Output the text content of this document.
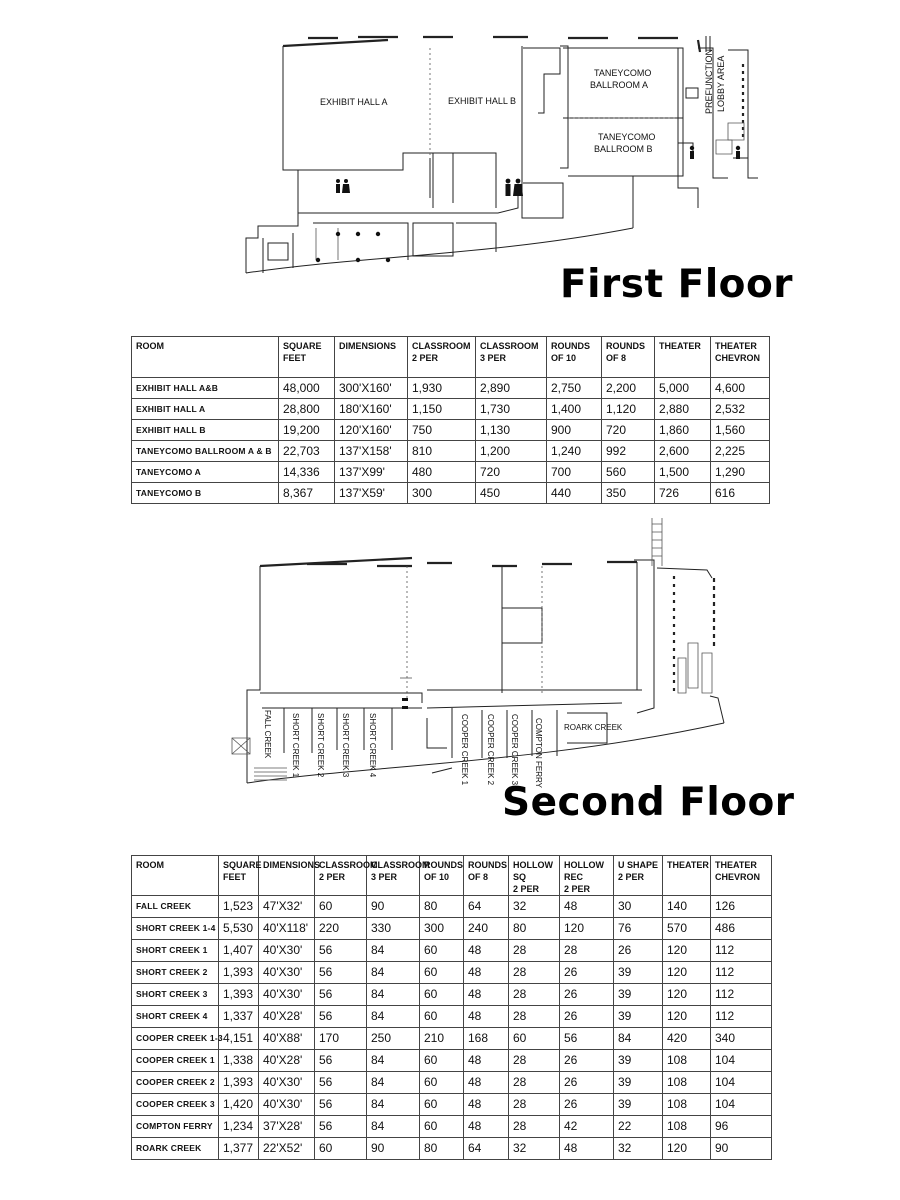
EXHIBIT HALL A	EXHIBIT HALL B
TANEYCOMO
BALLROOM A
TANEYCOMO
BALLROOM B
PREFUNCTION LOBBY AREA
First Floor
ROOM	SQUARE
FEET	DIMENSIONS	CLASSROOM
2 PER	CLASSROOM
3 PER	ROUNDS
OF 10	ROUNDS
OF 8	THEATER	THEATER
CHEVRON
EXHIBIT HALL A&B	48,000	300'X160'	1,930	2,890	2,750	2,200	5,000	4,600
EXHIBIT HALL A	28,800	180'X160'	1,150	1,730	1,400	1,120	2,880	2,532
EXHIBIT HALL B	19,200	120'X160'	750	1,130	900	720	1,860	1,560
TANEYCOMO BALLROOM A & B	22,703	137'X158'	810	1,200	1,240	992	2,600	2,225
TANEYCOMO A	14,336	137'X99'	480	720	700	560	1,500	1,290
TANEYCOMO B	8,367	137'X59'	300	450	440	350	726	616
FALL CREEK SHORT CREEK 1 SHORT CREEK 2 SHORT CREEK 3 SHORT CREEK 4	COOPER CREEK 1 COOPER CREEK 2 COOPER CREEK 3 COMPTON FERRY	ROARK CREEK
Second Floor
ROOM	SQUARE
FEET	DIMENSIONS	CLASSROOM
2 PER	CLASSROOM
3 PER	ROUNDS
OF 10	ROUNDS
OF 8	HOLLOW SQ
2 PER	HOLLOW REC
2 PER	U SHAPE
2 PER	THEATER	THEATER
CHEVRON
FALL CREEK	1,523	47'X32'	60	90	80	64	32	48	30	140	126
SHORT CREEK 1-4	5,530	40'X118'	220	330	300	240	80	120	76	570	486
SHORT CREEK 1	1,407	40'X30'	56	84	60	48	28	28	26	120	112
SHORT CREEK 2	1,393	40'X30'	56	84	60	48	28	26	39	120	112
SHORT CREEK 3	1,393	40'X30'	56	84	60	48	28	26	39	120	112
SHORT CREEK 4	1,337	40'X28'	56	84	60	48	28	26	39	120	112
COOPER CREEK 1-3	4,151	40'X88'	170	250	210	168	60	56	84	420	340
COOPER CREEK 1	1,338	40'X28'	56	84	60	48	28	26	39	108	104
COOPER CREEK 2	1,393	40'X30'	56	84	60	48	28	26	39	108	104
COOPER CREEK 3	1,420	40'X30'	56	84	60	48	28	26	39	108	104
COMPTON FERRY	1,234	37'X28'	56	84	60	48	28	42	22	108	96
ROARK CREEK	1,377	22'X52'	60	90	80	64	32	48	32	120	90
